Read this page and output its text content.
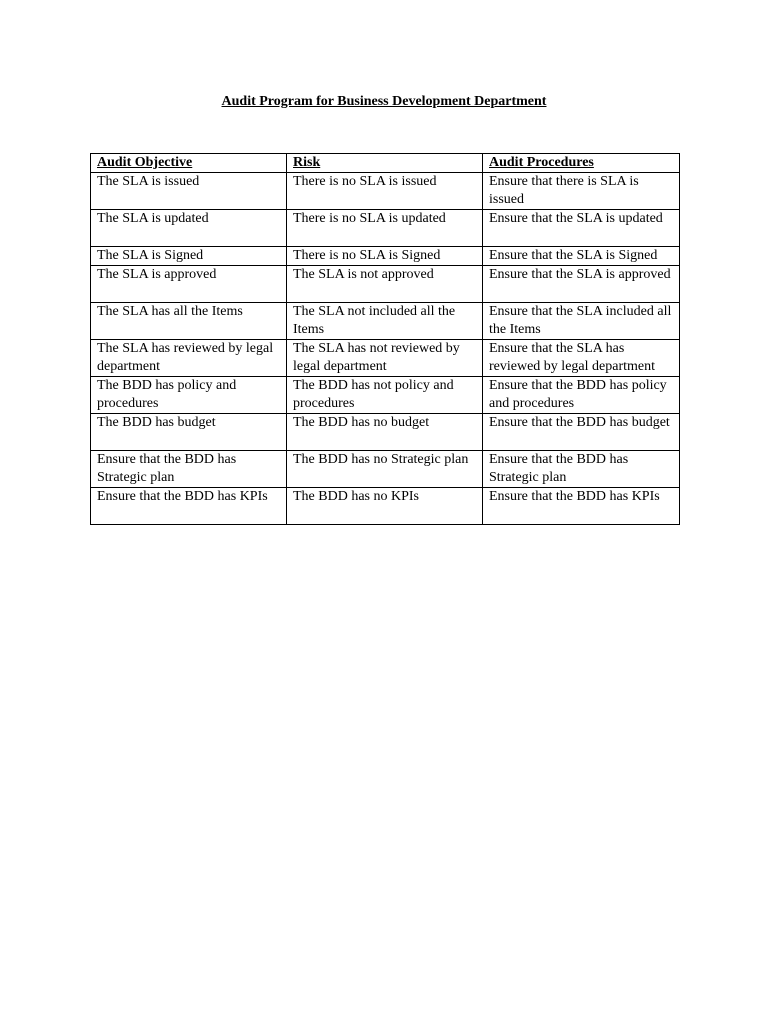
Audit Program for Business Development Department
Audit Objective	Risk	Audit Procedures
The SLA is issued	There is no SLA is issued	Ensure that there is SLA is issued
The SLA is updated	There is no SLA is updated	Ensure that the SLA is updated
The SLA is Signed	There is no SLA is Signed	Ensure that the SLA is Signed
The SLA is approved	The SLA is not approved	Ensure that the SLA is approved
The SLA has all the Items	The SLA not included all the Items	Ensure that the SLA included all the Items
The SLA has reviewed by legal department	The SLA has not reviewed by legal department	Ensure that the SLA has reviewed by legal department
The BDD has policy and procedures	The BDD has not policy and procedures	Ensure that the BDD has policy and procedures
The BDD has budget	The BDD has no budget	Ensure that the BDD has budget
Ensure that the BDD has Strategic plan	The BDD has no Strategic plan	Ensure that the BDD has Strategic plan
Ensure that the BDD has KPIs	The BDD has no KPIs	Ensure that the BDD has KPIs
